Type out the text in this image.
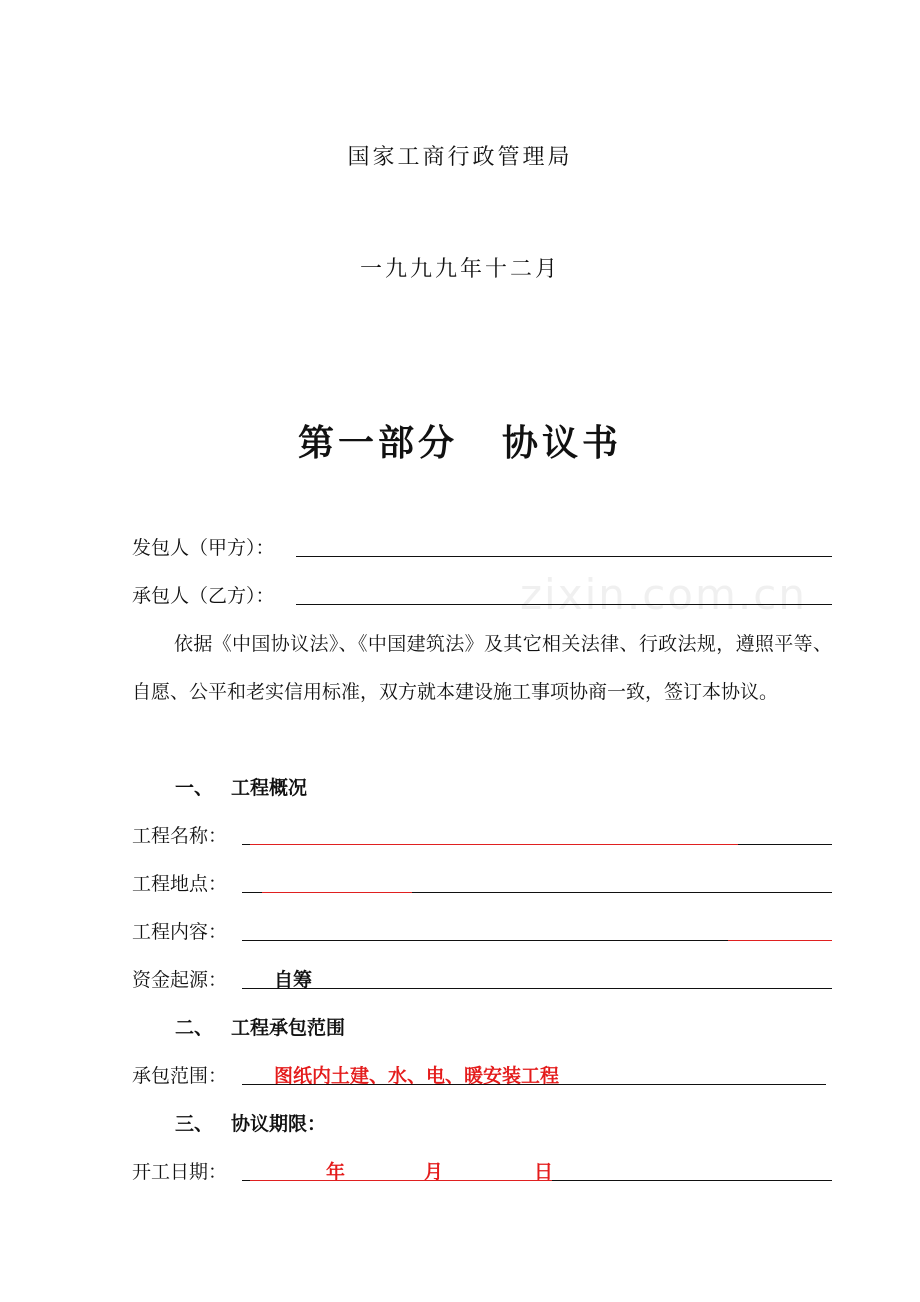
国家工商行政管理局
一九九九年十二月
第一部分 协议书
zixin.com.cn
发包人（甲方）：
承包人（乙方）：
依据《中国协议法》、《中国建筑法》及其它相关法律、行政法规，遵照平等、自愿、公平和老实信用标准，双方就本建设施工事项协商一致，签订本协议。
一、 工程概况
工程名称：
工程地点：
工程内容：
资金起源： 自筹
二、 工程承包范围
承包范围： 图纸内土建、水、电、暖安装工程
三、 协议期限：
开工日期：	年	月	日
